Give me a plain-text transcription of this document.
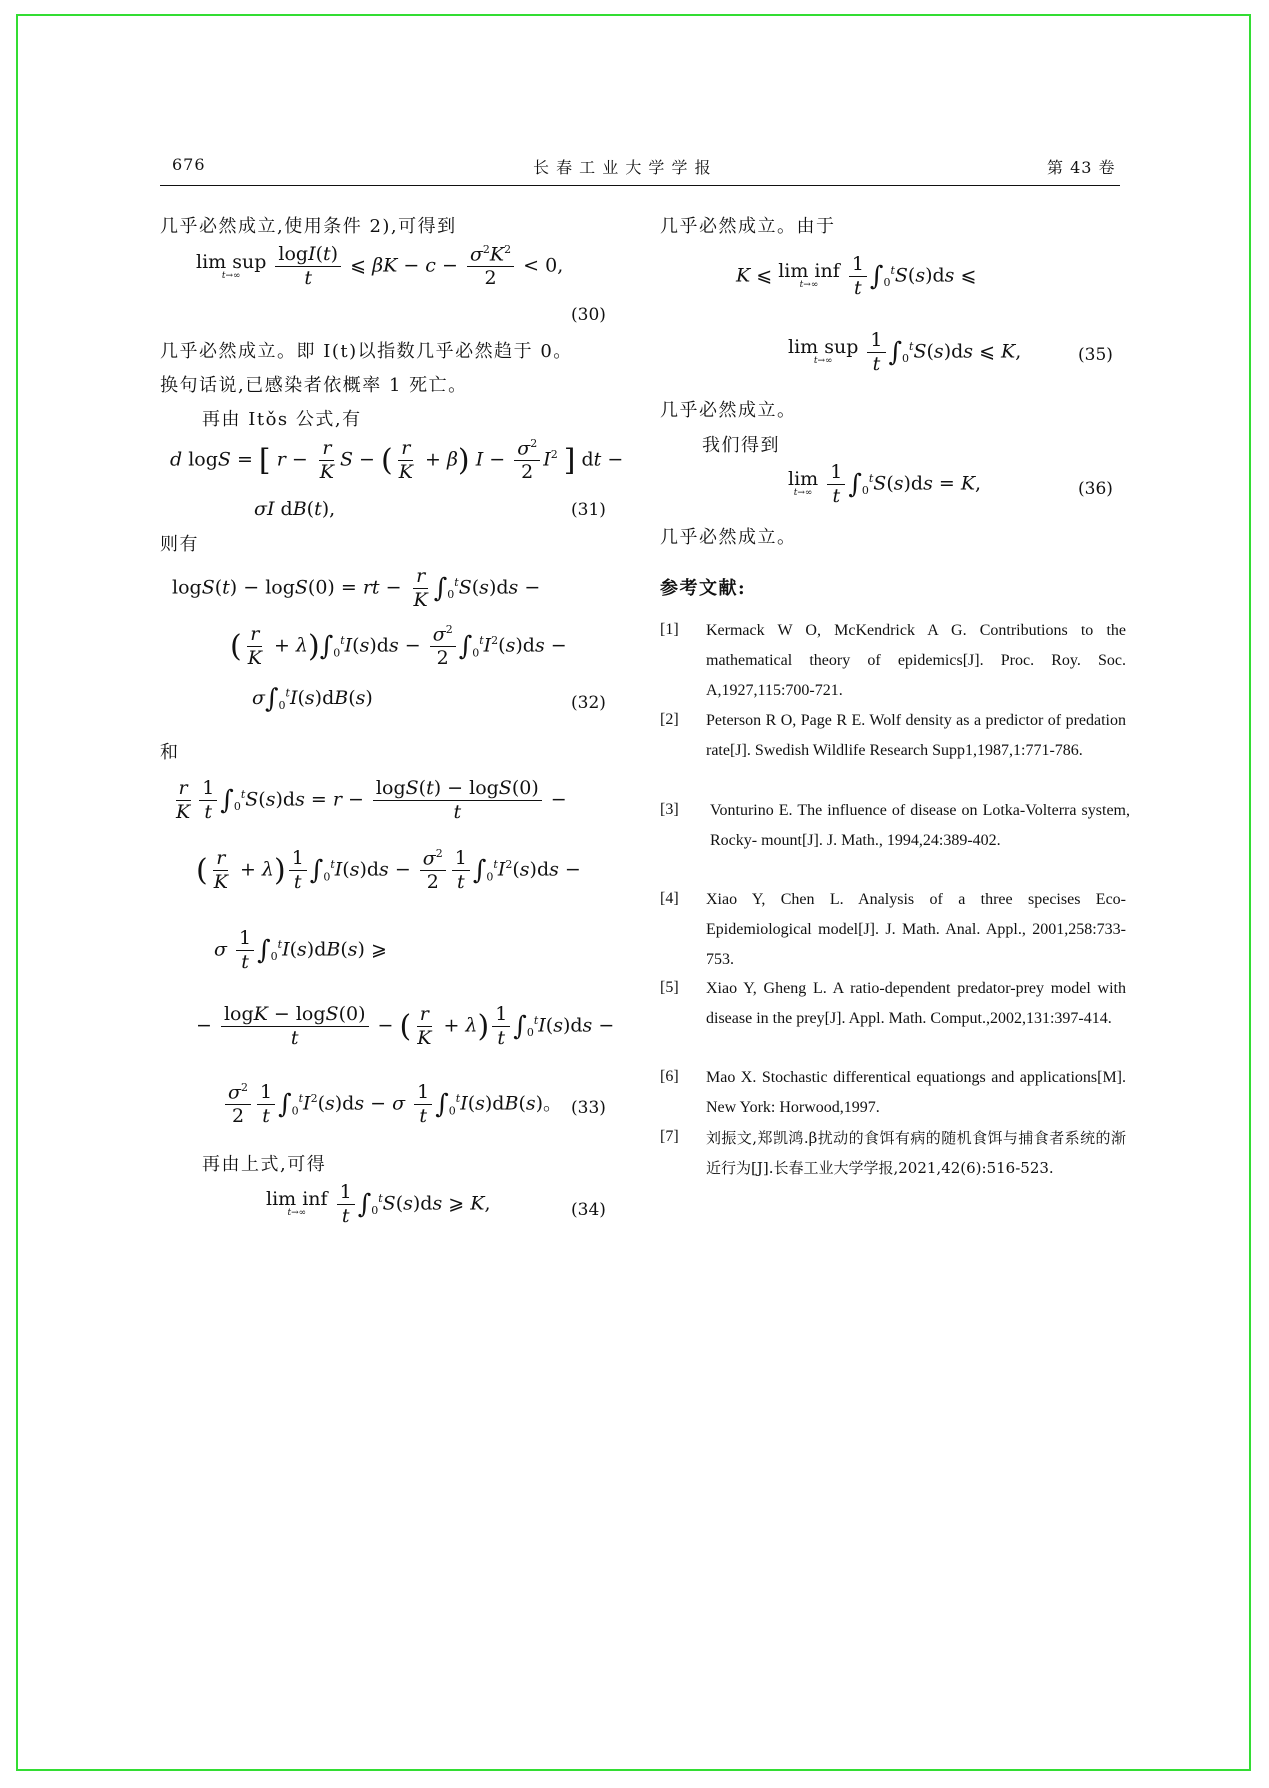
676	长 春 工 业 大 学 学 报	第 43 卷
几乎必然成立,使用条件 2),可得到
lim sup
t→∞
$\frac{\log I(t)}{t}$ ⩽ $\beta K - c - \frac{\sigma^2K^2}{2} < 0$,
(30)
几乎必然成立。即 I(t)以指数几乎必然趋于 0。
换句话说,已感染者依概率 1 死亡。
再由 Itǒs 公式,有
d logS = [ $r - \frac{r}{K}$ S − ( $\frac{r}{K} + \beta$) $I - \frac{\sigma^2}{2} I^2$ ] dt −
σI dB(t),	(31)
则有
logS(t) − logS(0) = rt − $\frac{r}{K} \int_0^tS(s)ds$ −
( $\frac{r}{K} + \lambda)\int_0^tI(s)ds - \frac{\sigma^2}{2} \int_0^tI^2(s)ds$ −
$\sigma\int_0^tI(s)dB(s)$	(32)
和
$\frac{r}{K} \frac{1}{t} \int_0^tS(s)ds = r - \frac{\log S(t) - \log S(0)}{t}$ −
( $\frac{r}{K} + \lambda) \frac{1}{t} \int_0^tI(s)ds - \frac{\sigma^2}{2} \frac{1}{t} \int_0^tI^2(s)ds$ −
σ $\frac{1}{t} \int_0^tI(s)dB(s)$ ⩾
− $\frac{\log K - \log S(0)}{t}$ − ( $\frac{r}{K} + \lambda) \frac{1}{t} \int_0^tI(s)ds$ −
$\frac{\sigma^2}{2} \frac{1}{t} \int_0^tI^2(s)ds - \sigma \frac{1}{t} \int_0^tI(s)dB(s)$。 (33)
再由上式,可得
lim inf
t→∞
$\frac{1}{t} \int_0^tS(s)ds$ ⩾ K,	(34)
几乎必然成立。由于
K ⩽ lim inf
t→∞
$\frac{1}{t} \int_0^tS(s)ds$ ⩽
lim sup
t→∞
$\frac{1}{t} \int_0^tS(s)ds$ ⩽ K,	(35)
几乎必然成立。
我们得到
lim
t→∞
$\frac{1}{t} \int_0^tS(s)ds = K$,	(36)
几乎必然成立。
参考文献:
[1] Kermack W O, McKendrick A G. Contributions to the mathematical theory of epidemics[J]. Proc. Roy. Soc. A,1927,115:700-721.
[2] Peterson R O, Page R E. Wolf density as a predictor of predation rate[J]. Swedish Wildlife Research Supp1,1987,1:771-786.
[3] Vonturino E. The influence of disease on Lotka-Volterra system, Rocky- mount[J]. J. Math., 1994,24:389-402.
[4] Xiao Y, Chen L. Analysis of a three specises Eco-Epidemiological model[J]. J. Math. Anal. Appl., 2001,258:733-753.
[5] Xiao Y, Gheng L. A ratio-dependent predator-prey model with disease in the prey[J]. Appl. Math. Comput.,2002,131:397-414.
[6] Mao X. Stochastic differentical equationgs and applications[M]. New York: Horwood,1997.
[7] 刘振文,郑凯鸿.β扰动的食饵有病的随机食饵与捕食者系统的渐近行为[J].长春工业大学学报,2021,42(6):516-523.
